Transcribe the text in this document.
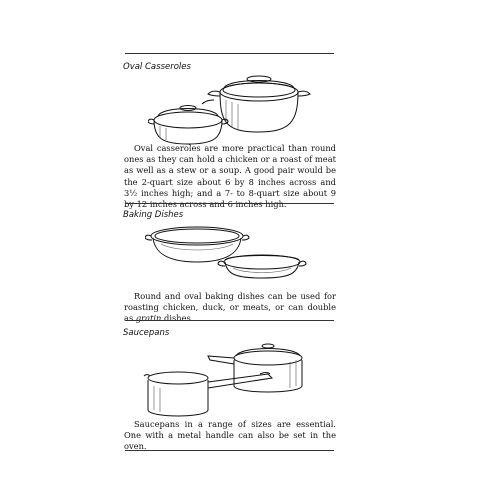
Oval Casseroles

Oval casseroles are more practical than round ones as they can hold a chicken or a roast of meat as well as a stew or a soup. A good pair would be the 2-quart size about 6 by 8 inches across and 3½ inches high; and a 7- to 8-quart size about 9 by 12 inches across and 6 inches high.

Baking Dishes

Round and oval baking dishes can be used for roasting chicken, duck, or meats, or can double as gratin dishes.

Saucepans

Saucepans in a range of sizes are essential. One with a metal handle can also be set in the oven.
